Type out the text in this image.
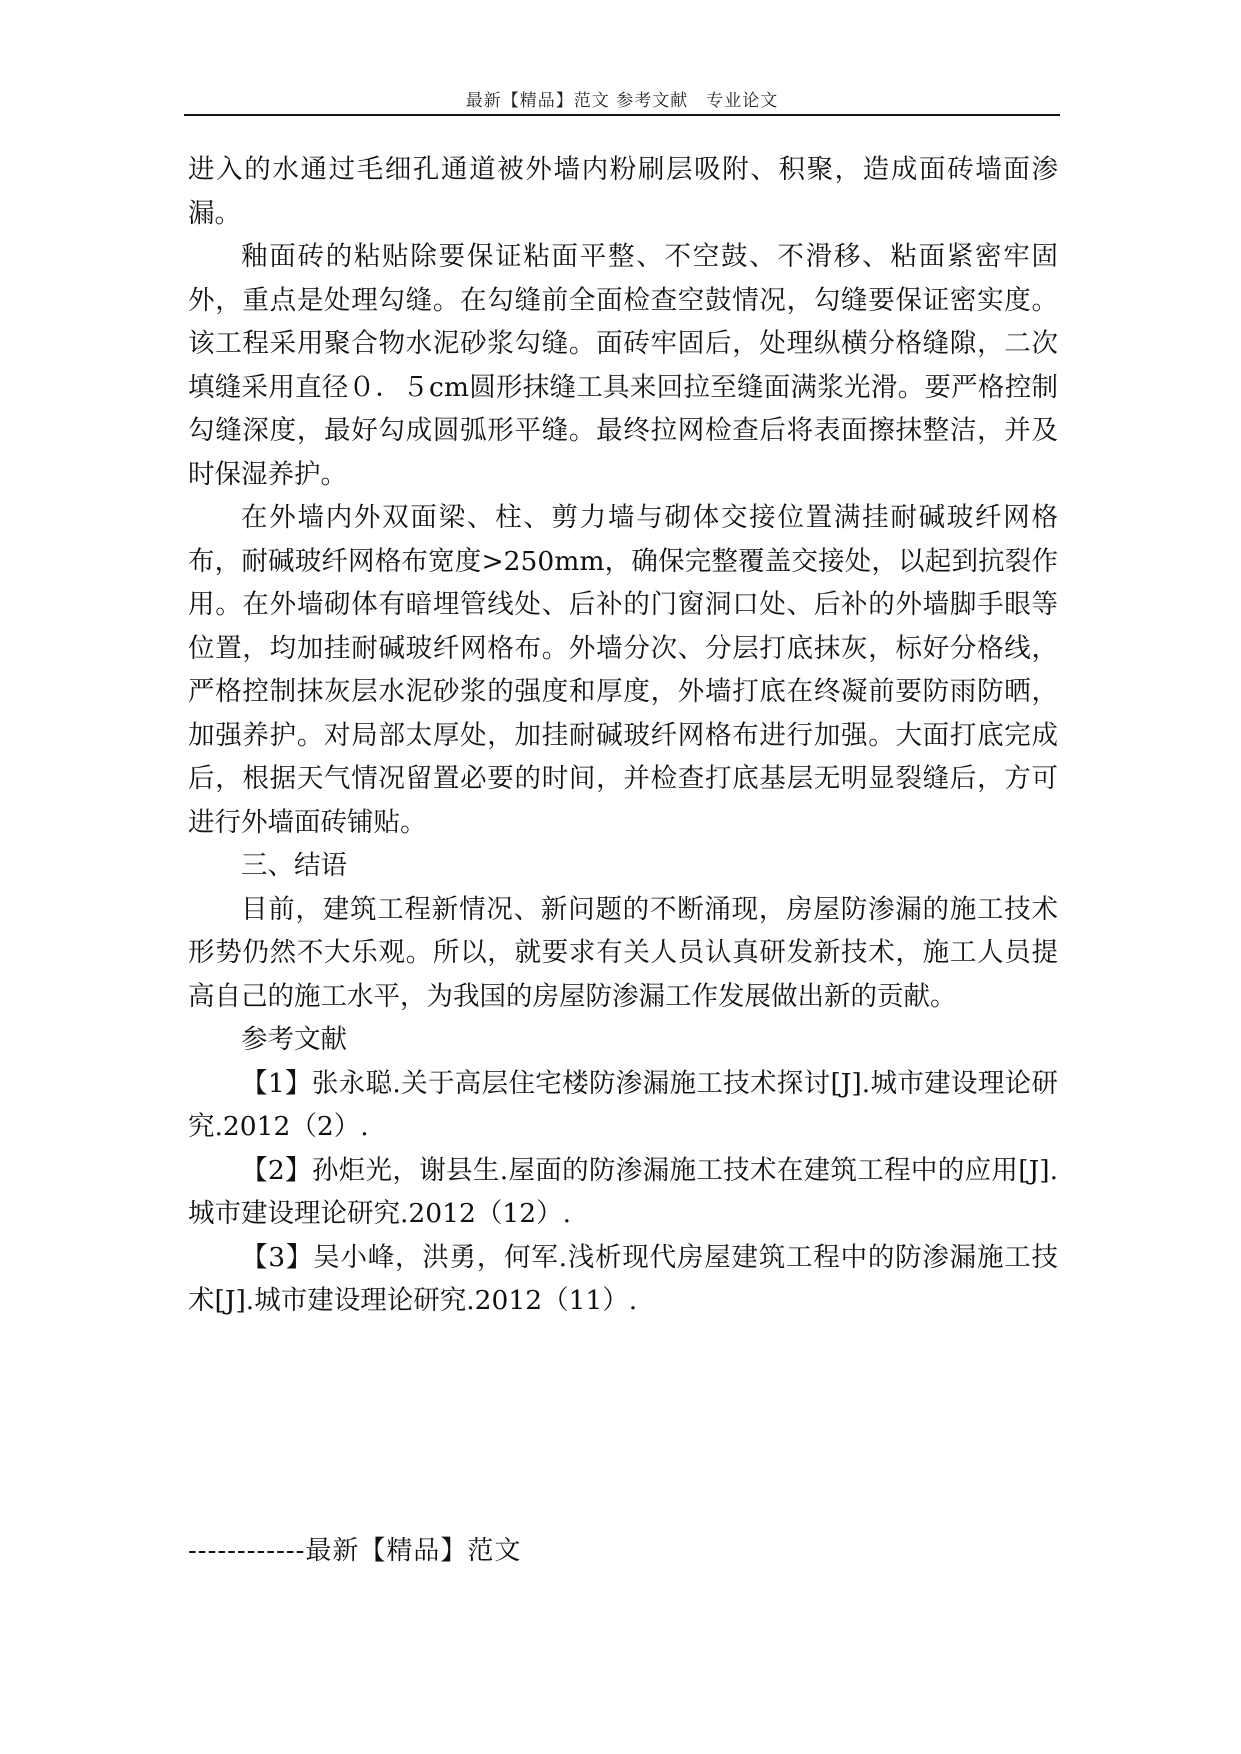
最新【精品】范文 参考文献　专业论文

进入的水通过毛细孔通道被外墙内粉刷层吸附、积聚，造成面砖墙面渗漏。

釉面砖的粘贴除要保证粘面平整、不空鼓、不滑移、粘面紧密牢固外，重点是处理勾缝。在勾缝前全面检查空鼓情况，勾缝要保证密实度。该工程采用聚合物水泥砂浆勾缝。面砖牢固后，处理纵横分格缝隙，二次填缝采用直径０．５cm圆形抹缝工具来回拉至缝面满浆光滑。要严格控制勾缝深度，最好勾成圆弧形平缝。最终拉网检查后将表面擦抹整洁，并及时保湿养护。

在外墙内外双面梁、柱、剪力墙与砌体交接位置满挂耐碱玻纤网格布，耐碱玻纤网格布宽度>250mm，确保完整覆盖交接处，以起到抗裂作用。在外墙砌体有暗埋管线处、后补的门窗洞口处、后补的外墙脚手眼等位置，均加挂耐碱玻纤网格布。外墙分次、分层打底抹灰，标好分格线，严格控制抹灰层水泥砂浆的强度和厚度，外墙打底在终凝前要防雨防晒，加强养护。对局部太厚处，加挂耐碱玻纤网格布进行加强。大面打底完成后，根据天气情况留置必要的时间，并检查打底基层无明显裂缝后，方可进行外墙面砖铺贴。

三、结语

目前，建筑工程新情况、新问题的不断涌现，房屋防渗漏的施工技术形势仍然不大乐观。所以，就要求有关人员认真研发新技术，施工人员提高自己的施工水平，为我国的房屋防渗漏工作发展做出新的贡献。

参考文献

【1】张永聪.关于高层住宅楼防渗漏施工技术探讨[J].城市建设理论研究.2012（2）.

【2】孙炬光，谢县生.屋面的防渗漏施工技术在建筑工程中的应用[J].城市建设理论研究.2012（12）.

【3】吴小峰，洪勇，何军.浅析现代房屋建筑工程中的防渗漏施工技术[J].城市建设理论研究.2012（11）.

------------最新【精品】范文
